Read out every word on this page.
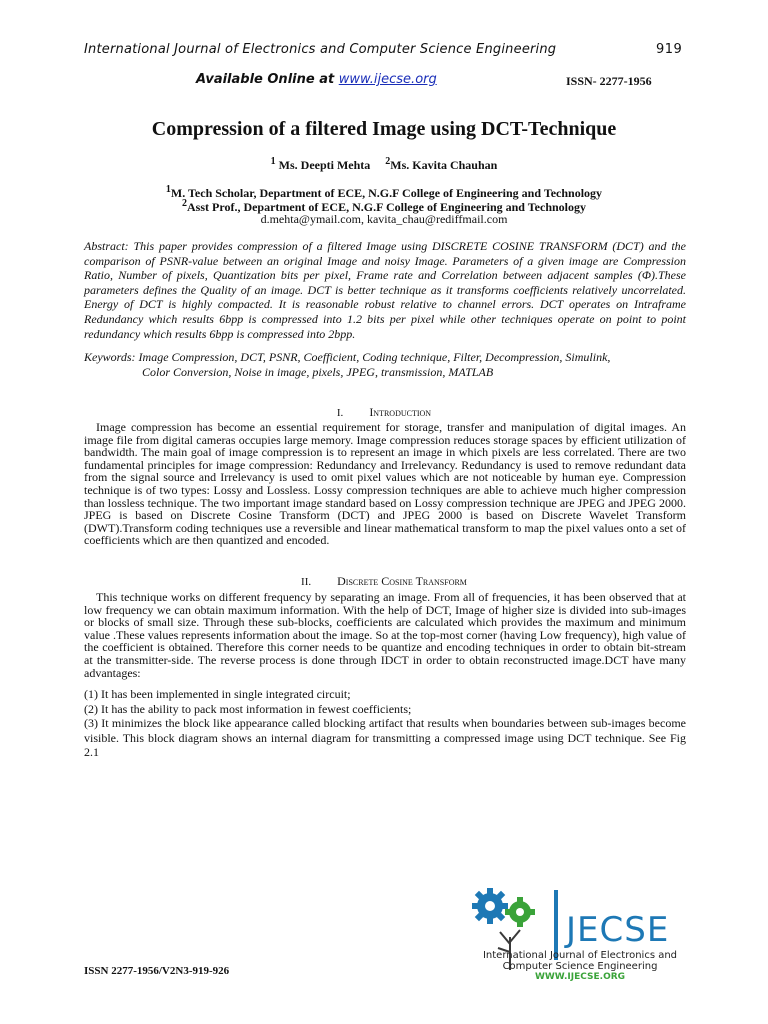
International Journal of Electronics and Computer Science Engineering	919
Available Online at www.ijecse.org	ISSN- 2277-1956
Compression of a filtered Image using DCT-Technique
$^1$ Ms. Deepti Mehta $^2$Ms. Kavita Chauhan
$^1$M. Tech Scholar, Department of ECE, N.G.F College of Engineering and Technology
$^2$Asst Prof., Department of ECE, N.G.F College of Engineering and Technology
d.mehta@ymail.com, kavita_chau@rediffmail.com

Abstract: This paper provides compression of a filtered Image using DISCRETE COSINE TRANSFORM (DCT) and the comparison of PSNR-value between an original Image and noisy Image. Parameters of a given image are Compression Ratio, Number of pixels, Quantization bits per pixel, Frame rate and Correlation between adjacent samples (Φ).These parameters defines the Quality of an image. DCT is better technique as it transforms coefficients relatively uncorrelated. Energy of DCT is highly compacted. It is reasonable robust relative to channel errors. DCT operates on Intraframe Redundancy which results 6bpp is compressed into 1.2 bits per pixel while other techniques operate on point to point redundancy which results 6bpp is compressed into 2bpp.

Keywords: Image Compression, DCT, PSNR, Coefficient, Coding technique, Filter, Decompression, Simulink,
Color Conversion, Noise in image, pixels, JPEG, transmission, MATLAB

I. Introduction

Image compression has become an essential requirement for storage, transfer and manipulation of digital images. An image file from digital cameras occupies large memory. Image compression reduces storage spaces by efficient utilization of bandwidth. The main goal of image compression is to represent an image in which pixels are less correlated. There are two fundamental principles for image compression: Redundancy and Irrelevancy. Redundancy is used to remove redundant data from the signal source and Irrelevancy is used to omit pixel values which are not noticeable by human eye. Compression technique is of two types: Lossy and Lossless. Lossy compression techniques are able to achieve much higher compression than lossless technique. The two important image standard based on Lossy compression technique are JPEG and JPEG 2000. JPEG is based on Discrete Cosine Transform (DCT) and JPEG 2000 is based on Discrete Wavelet Transform (DWT).Transform coding techniques use a reversible and linear mathematical transform to map the pixel values onto a set of coefficients which are then quantized and encoded.

II. Discrete Cosine Transform

This technique works on different frequency by separating an image. From all of frequencies, it has been observed that at low frequency we can obtain maximum information. With the help of DCT, Image of higher size is divided into sub-images or blocks of small size. Through these sub-blocks, coefficients are calculated which provides the maximum and minimum value .These values represents information about the image. So at the top-most corner (having Low frequency), high value of the coefficient is obtained. Therefore this corner needs to be quantize and encoding techniques in order to obtain bit-stream at the transmitter-side. The reverse process is done through IDCT in order to obtain reconstructed image.DCT have many advantages:

(1) It has been implemented in single integrated circuit;
(2) It has the ability to pack most information in fewest coefficients;
(3) It minimizes the block like appearance called blocking artifact that results when boundaries between sub-images become visible. This block diagram shows an internal diagram for transmitting a compressed image using DCT technique. See Fig 2.1
JECSE
International Journal of Electronics and
Computer Science Engineering
WWW.IJECSE.ORG
ISSN 2277-1956/V2N3-919-926
